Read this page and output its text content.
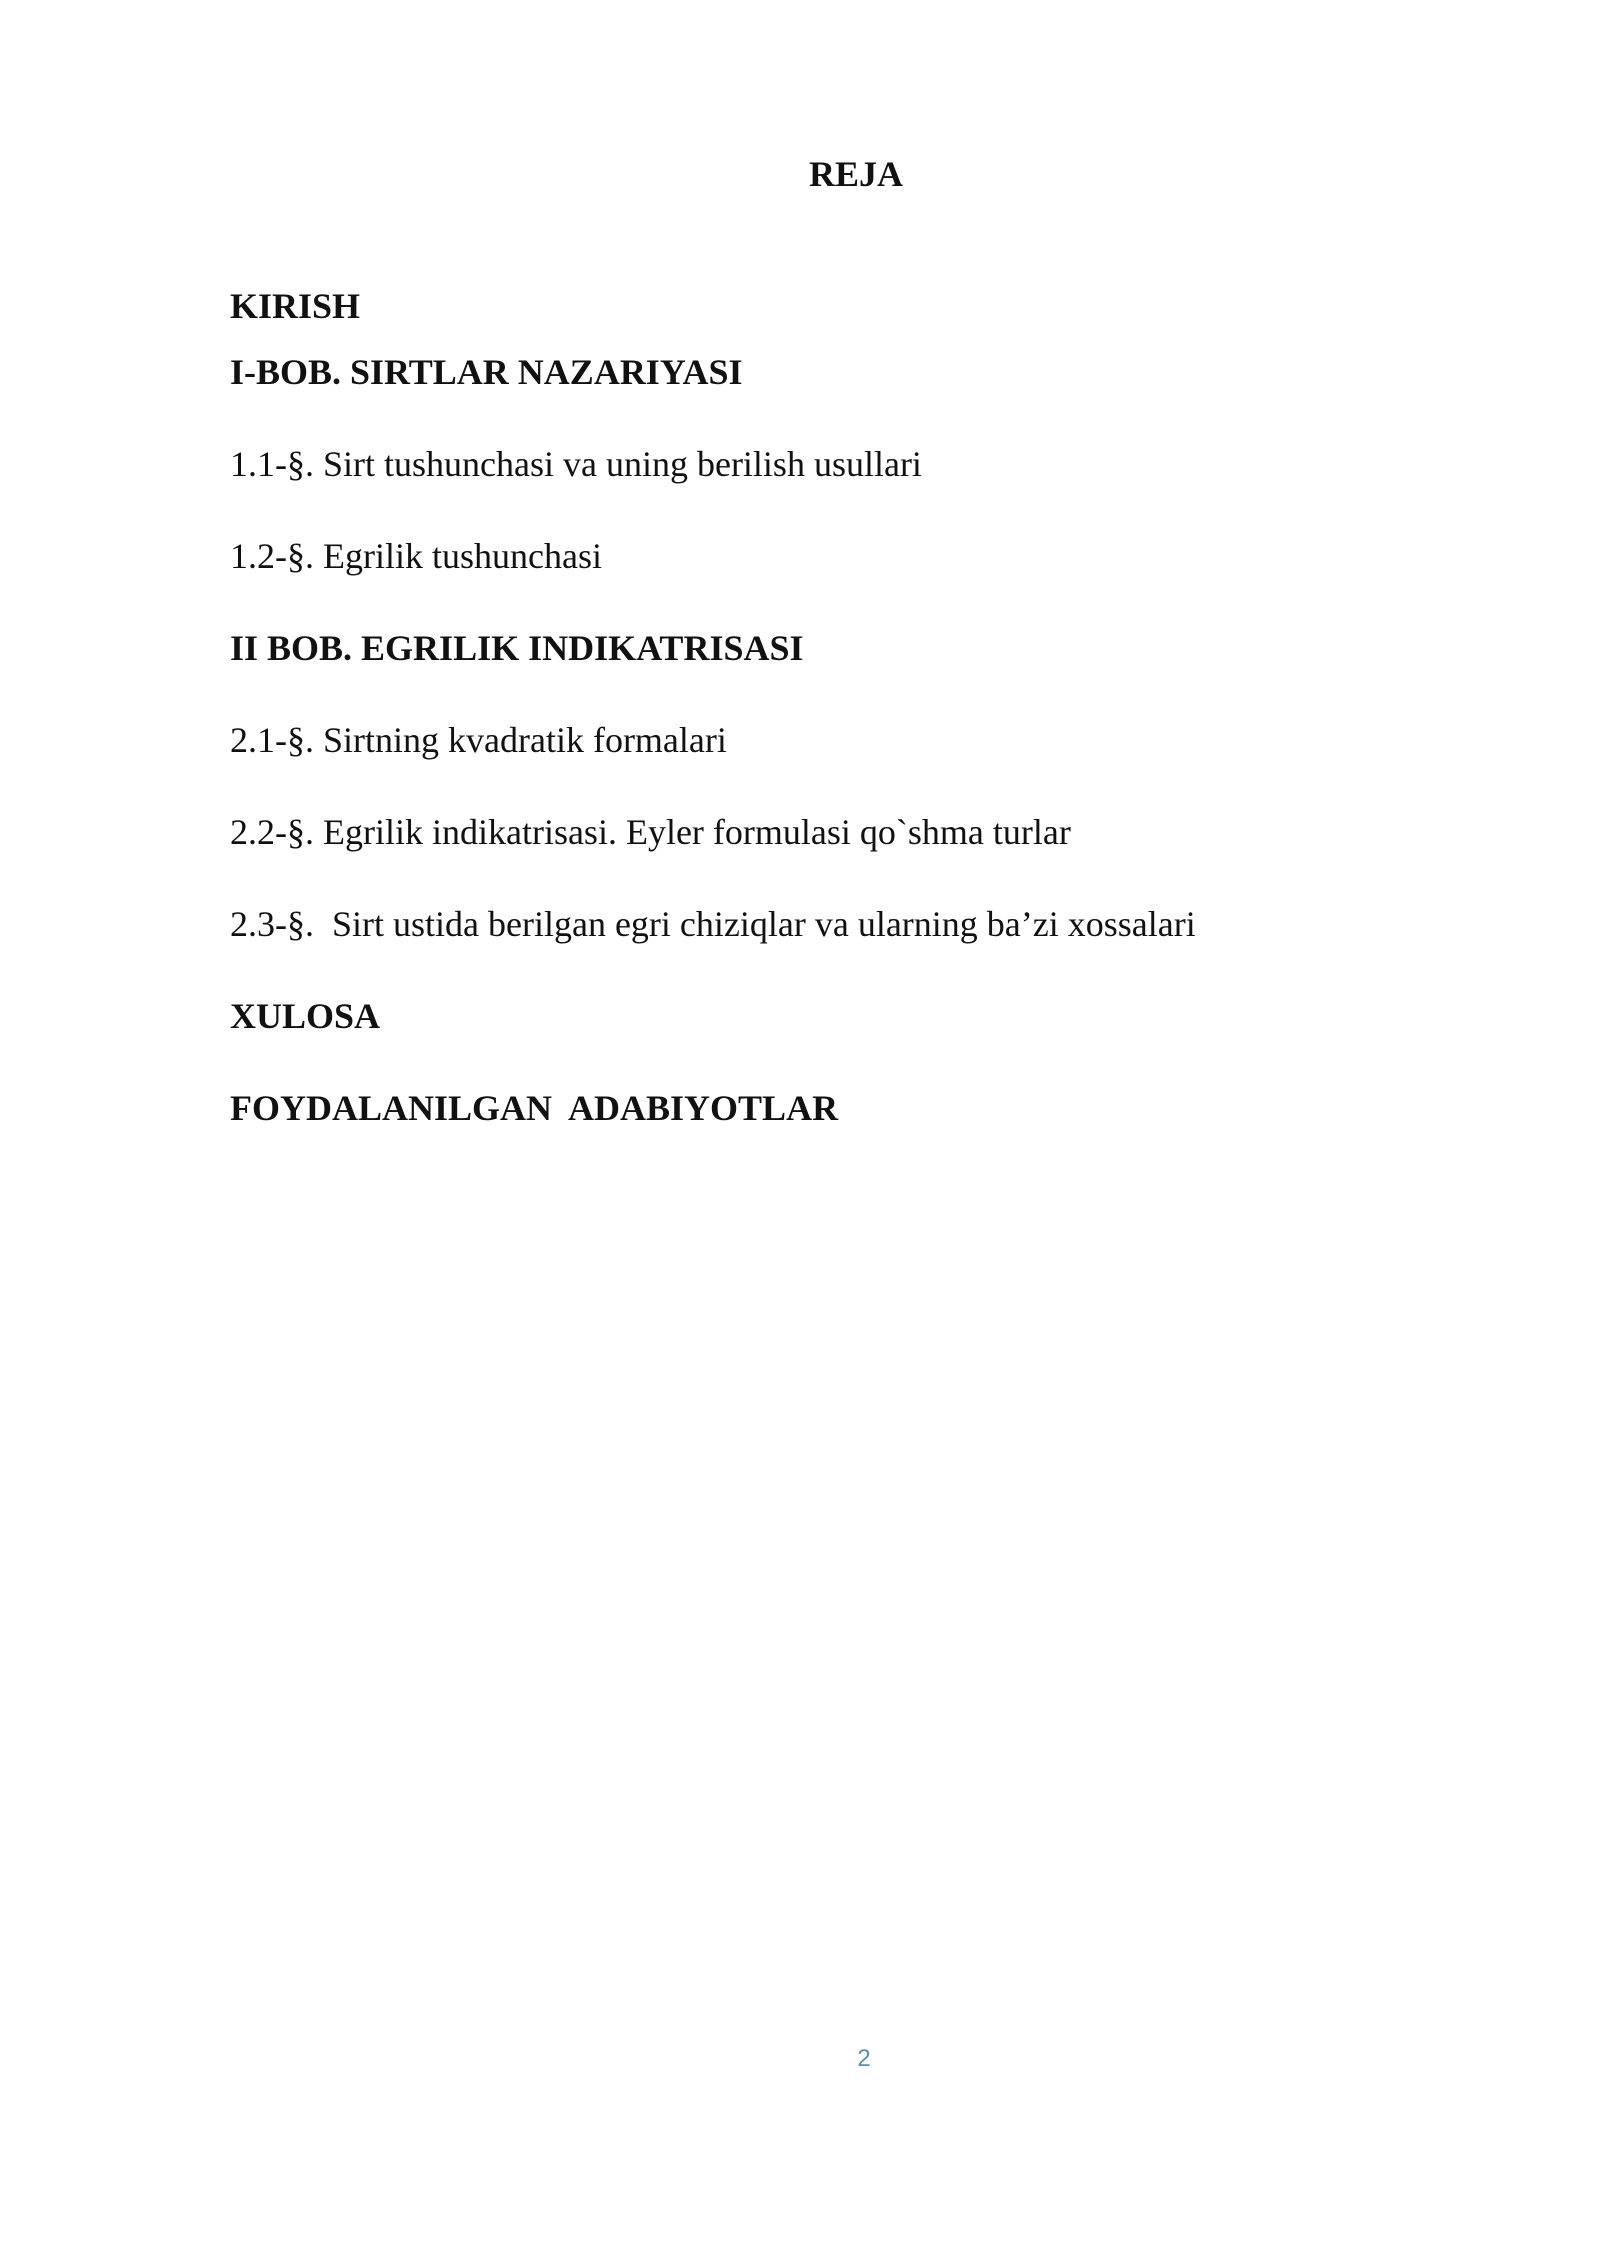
REJA
KIRISH
I-BOB. SIRTLAR NAZARIYASI
1.1-§. Sirt tushunchasi va uning berilish usullari
1.2-§. Egrilik tushunchasi
II BOB. EGRILIK INDIKATRISASI
2.1-§. Sirtning kvadratik formalari
2.2-§. Egrilik indikatrisasi. Eyler formulasi qo`shma turlar
2.3-§.  Sirt ustida berilgan egri chiziqlar va ularning ba’zi xossalari
XULOSA
FOYDALANILGAN  ADABIYOTLAR
2
